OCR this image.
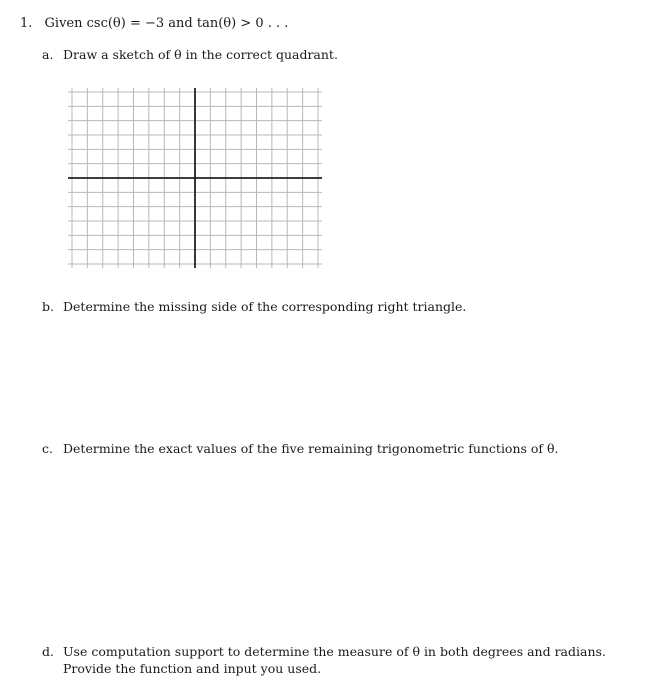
1. Given csc(θ) = −3 and tan(θ) > 0 . . .
a. Draw a sketch of θ in the correct quadrant.
b. Determine the missing side of the corresponding right triangle.
c. Determine the exact values of the five remaining trigonometric functions of θ.
d. Use computation support to determine the measure of θ in both degrees and radians. Provide the function and input you used.
